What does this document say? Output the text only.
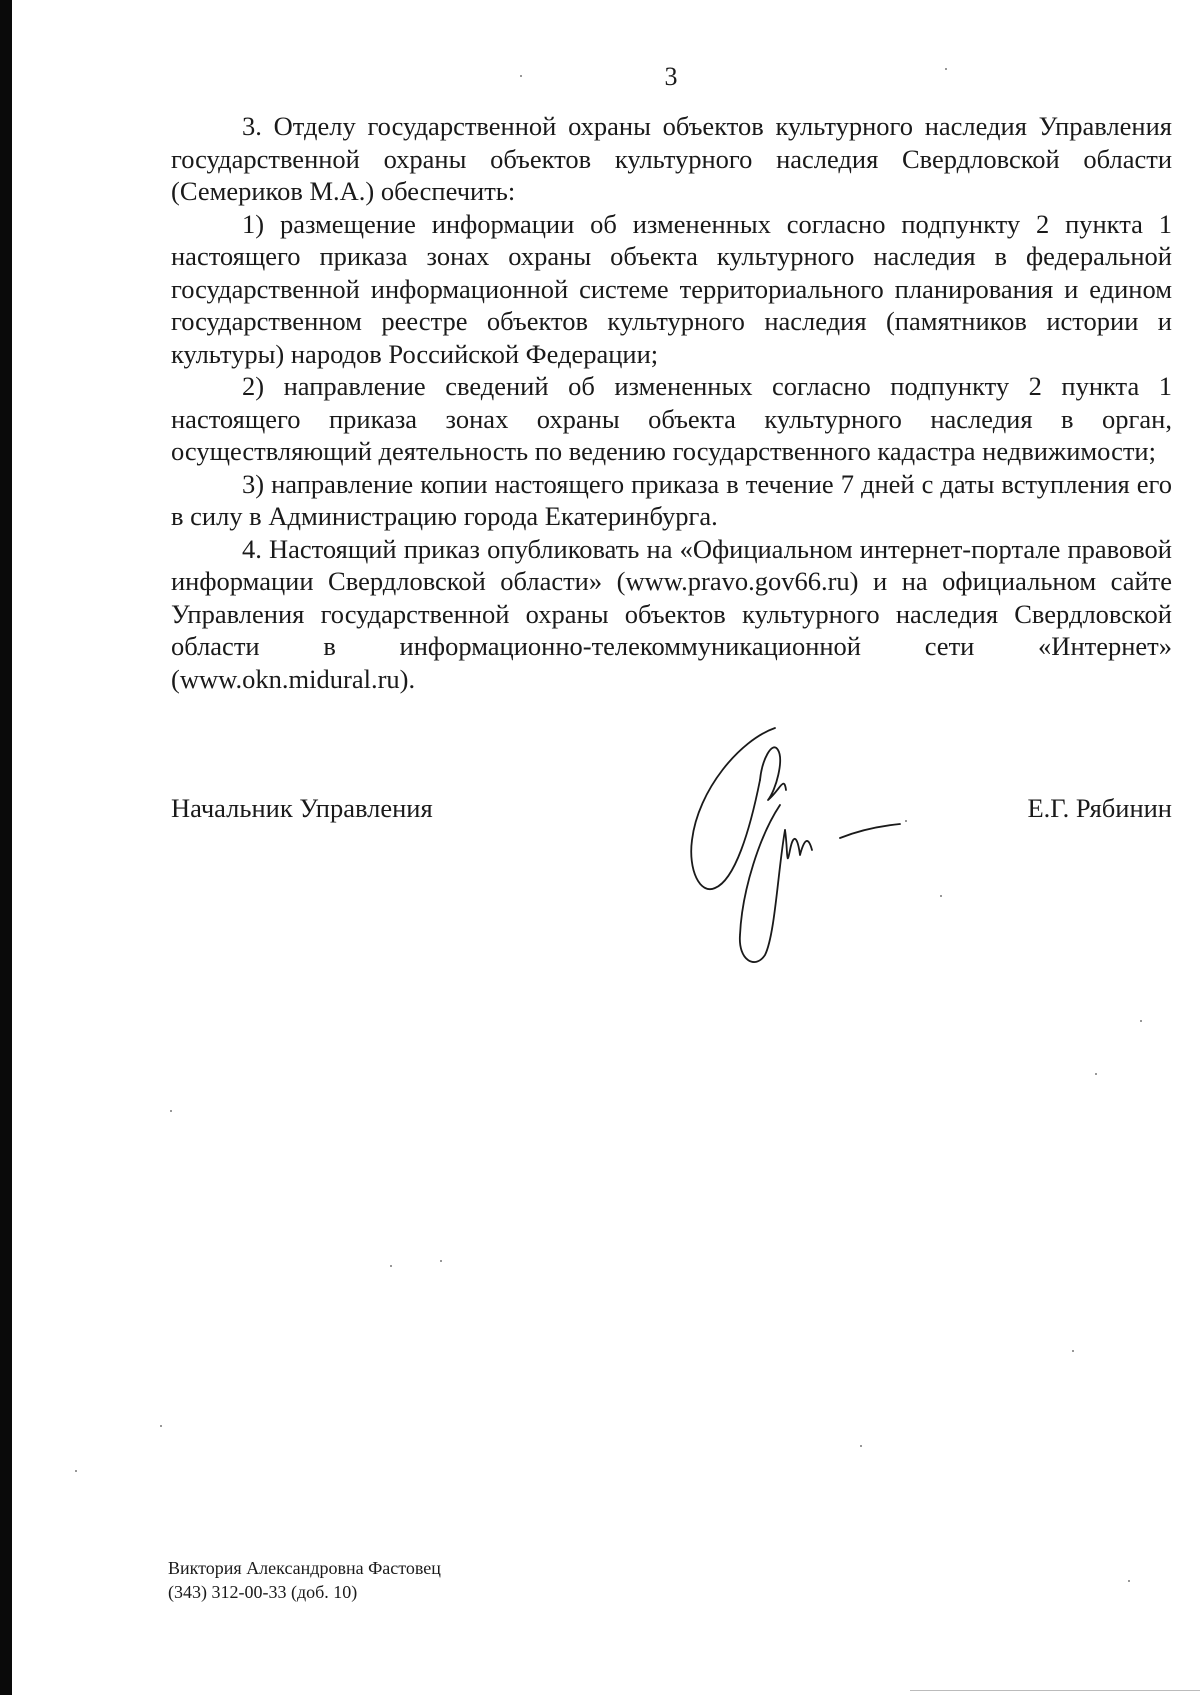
3

3. Отделу государственной охраны объектов культурного наследия Управления государственной охраны объектов культурного наследия Свердловской области (Семериков М.А.) обеспечить:

1) размещение информации об измененных согласно подпункту 2 пункта 1 настоящего приказа зонах охраны объекта культурного наследия в федеральной государственной информационной системе территориального планирования и едином государственном реестре объектов культурного наследия (памятников истории и культуры) народов Российской Федерации;

2) направление сведений об измененных согласно подпункту 2 пункта 1 настоящего приказа зонах охраны объекта культурного наследия в орган, осуществляющий деятельность по ведению государственного кадастра недвижимости;

3) направление копии настоящего приказа в течение 7 дней с даты вступления его в силу в Администрацию города Екатеринбурга.

4. Настоящий приказ опубликовать на «Официальном интернет-портале правовой информации Свердловской области» (www.pravo.gov66.ru) и на официальном сайте Управления государственной охраны объектов культурного наследия Свердловской области в информационно-телекоммуникационной сети «Интернет» (www.okn.midural.ru).

Начальник Управления	Е.Г. Рябинин
Виктория Александровна Фастовец
(343) 312-00-33 (доб. 10)
